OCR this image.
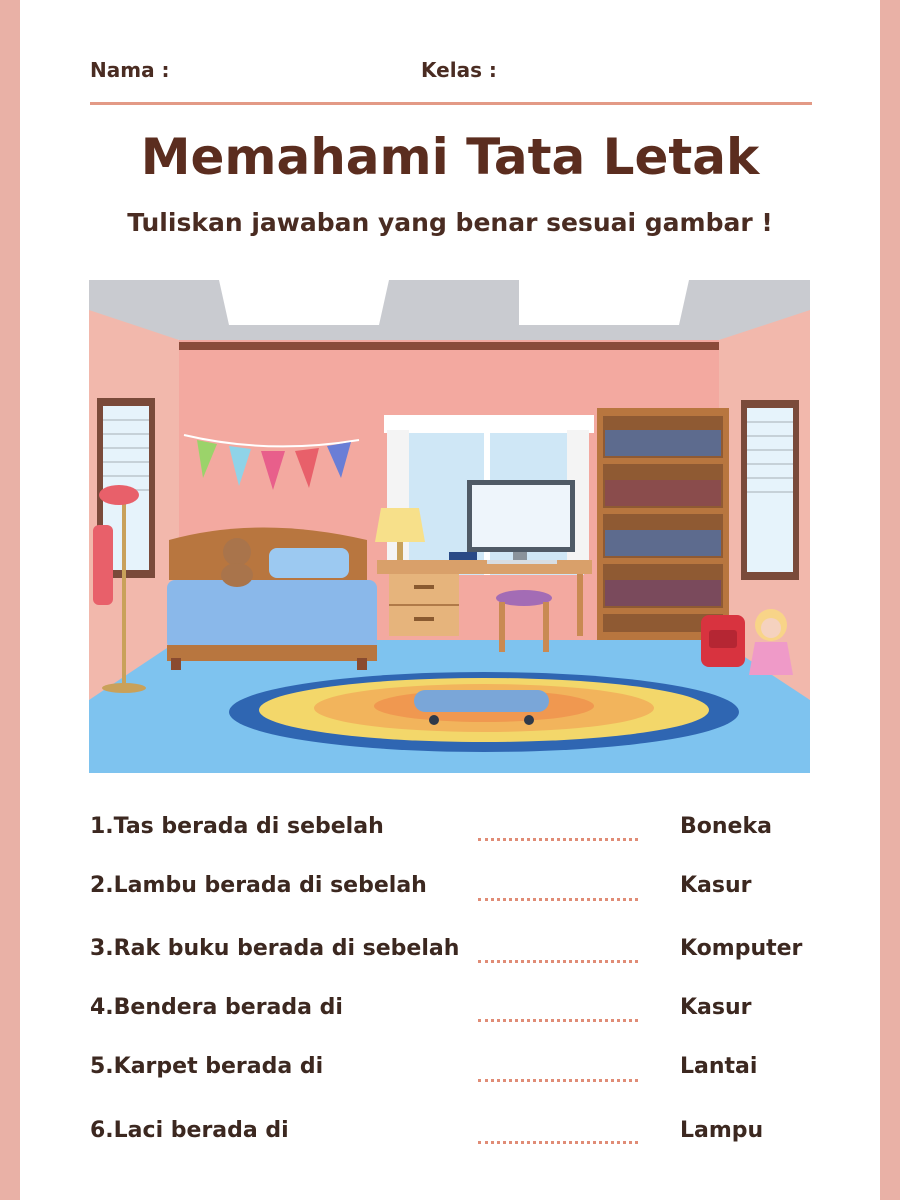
Nama :	Kelas :
Memahami Tata Letak
Tuliskan jawaban yang benar sesuai gambar !
1.Tas berada di sebelah	Boneka
2.Lambu berada di sebelah	Kasur
3.Rak buku berada di sebelah	Komputer
4.Bendera berada di	Kasur
5.Karpet berada di	Lantai
6.Laci berada di	Lampu
